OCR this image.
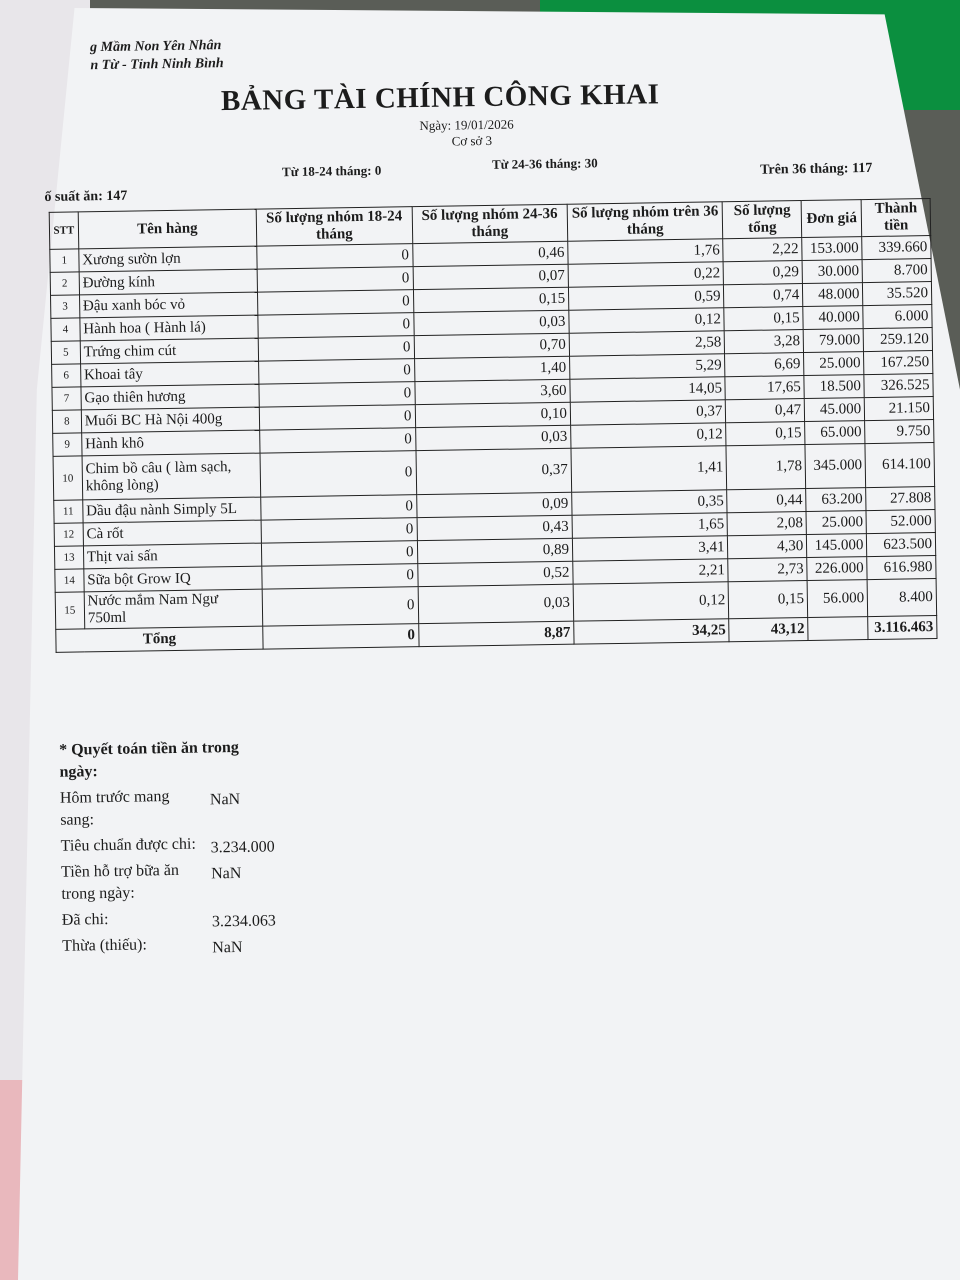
g Mầm Non Yên Nhân
n Từ - Tỉnh Ninh Bình
BẢNG TÀI CHÍNH CÔNG KHAI
Ngày: 19/01/2026
Cơ sở 3
Từ 18-24 tháng: 0	Từ 24-36 tháng: 30	Trên 36 tháng: 117
ố suất ăn: 147
STT	Tên hàng	Số lượng nhóm 18-24 tháng	Số lượng nhóm 24-36 tháng	Số lượng nhóm trên 36 tháng	Số lượng tổng	Đơn giá	Thành tiền
1	Xương sườn lợn	0	0,46	1,76	2,22	153.000	339.660
2	Đường kính	0	0,07	0,22	0,29	30.000	8.700
3	Đậu xanh bóc vỏ	0	0,15	0,59	0,74	48.000	35.520
4	Hành hoa ( Hành lá)	0	0,03	0,12	0,15	40.000	6.000
5	Trứng chim cút	0	0,70	2,58	3,28	79.000	259.120
6	Khoai tây	0	1,40	5,29	6,69	25.000	167.250
7	Gạo thiên hương	0	3,60	14,05	17,65	18.500	326.525
8	Muối BC Hà Nội 400g	0	0,10	0,37	0,47	45.000	21.150
9	Hành khô	0	0,03	0,12	0,15	65.000	9.750
10	Chim bồ câu ( làm sạch, không lòng)	0	0,37	1,41	1,78	345.000	614.100
11	Dầu đậu nành Simply 5L	0	0,09	0,35	0,44	63.200	27.808
12	Cà rốt	0	0,43	1,65	2,08	25.000	52.000
13	Thịt vai sấn	0	0,89	3,41	4,30	145.000	623.500
14	Sữa bột Grow IQ	0	0,52	2,21	2,73	226.000	616.980
15	Nước mắm Nam Ngư 750ml	0	0,03	0,12	0,15	56.000	8.400
Tổng		0	8,87	34,25	43,12		3.116.463
* Quyết toán tiền ăn trong ngày:
Hôm trước mang sang:
NaN
Tiêu chuẩn được chi: 3.234.000
Tiền hỗ trợ bữa ăn trong ngày:
NaN
Đã chi:	3.234.063
Thừa (thiếu):	NaN
